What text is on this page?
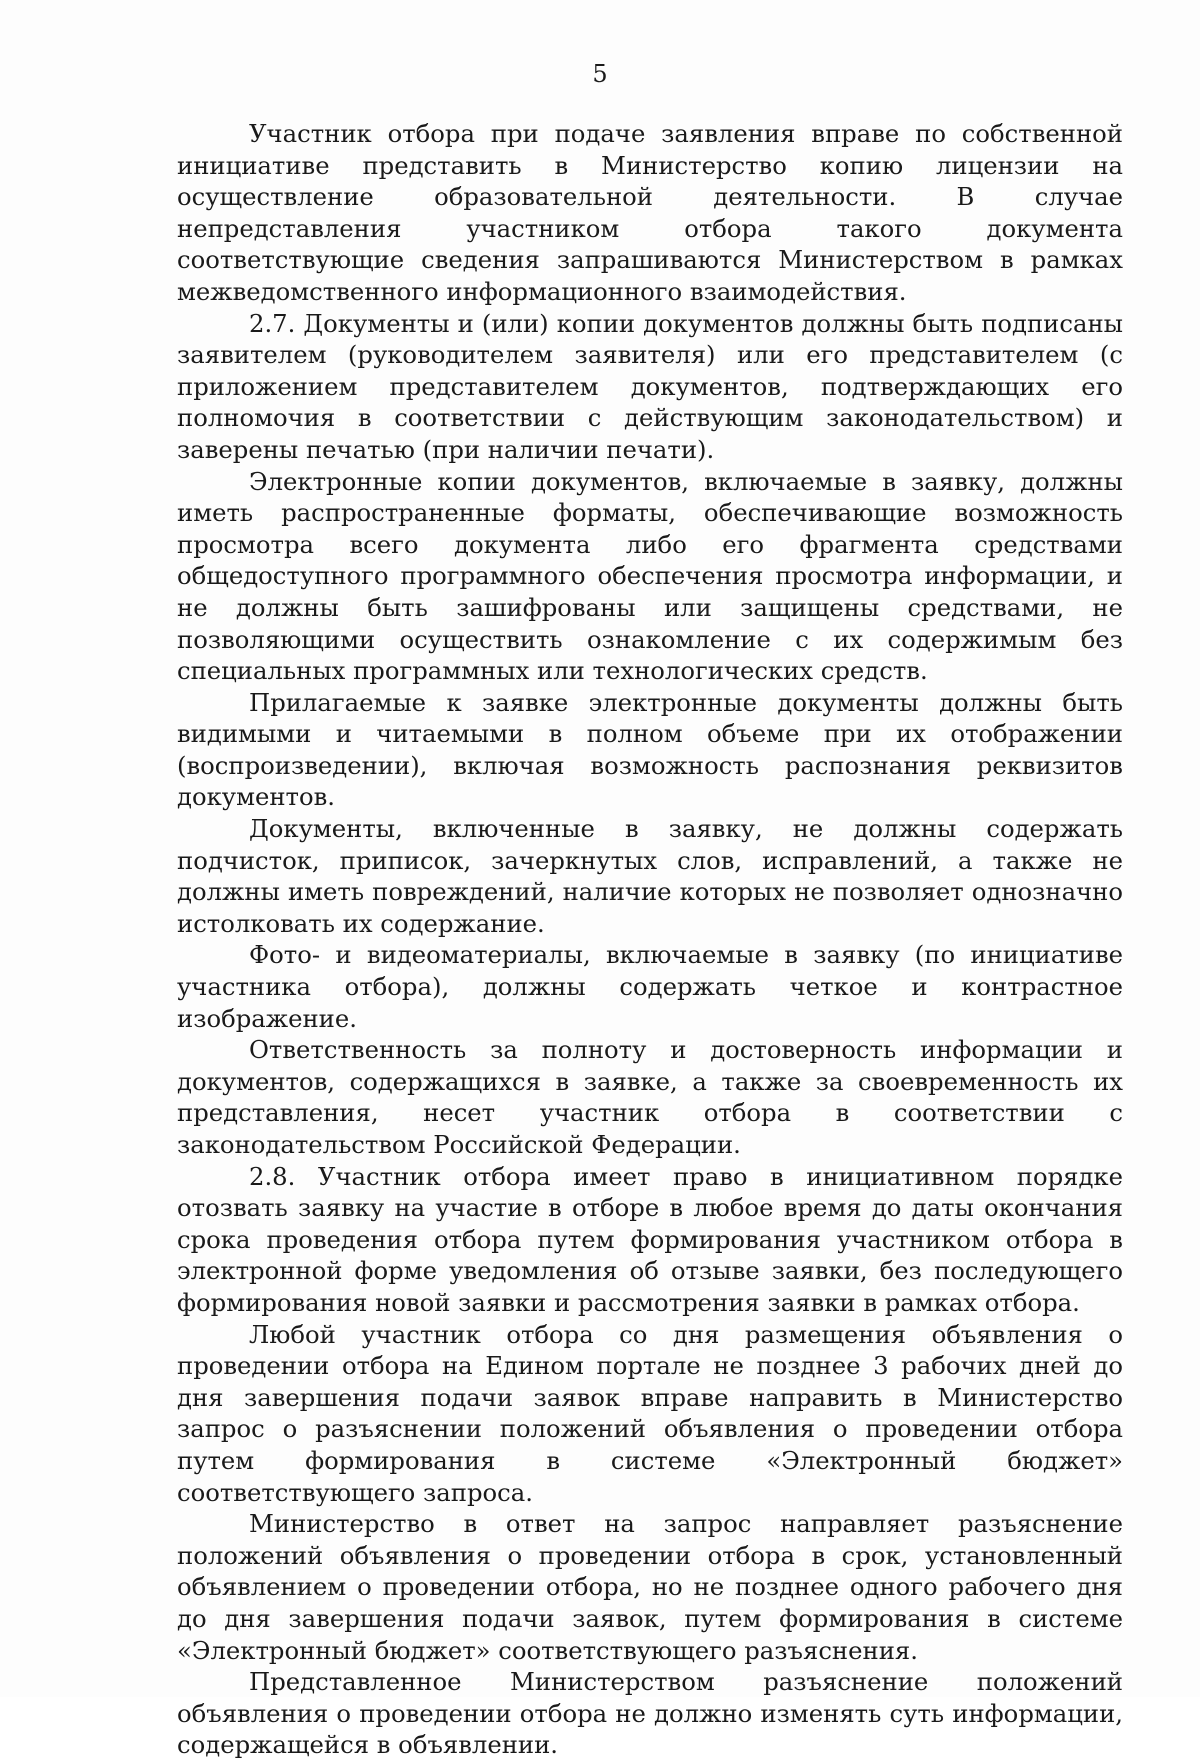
5

Участник отбора при подаче заявления вправе по собственной инициативе представить в Министерство копию лицензии на осуществление образовательной деятельности. В случае непредставления участником отбора такого документа соответствующие сведения запрашиваются Министерством в рамках межведомственного информационного взаимодействия.

2.7. Документы и (или) копии документов должны быть подписаны заявителем (руководителем заявителя) или его представителем (с приложением представителем документов, подтверждающих его полномочия в соответствии с действующим законодательством) и заверены печатью (при наличии печати).

Электронные копии документов, включаемые в заявку, должны иметь распространенные форматы, обеспечивающие возможность просмотра всего документа либо его фрагмента средствами общедоступного программного обеспечения просмотра информации, и не должны быть зашифрованы или защищены средствами, не позволяющими осуществить ознакомление с их содержимым без специальных программных или технологических средств.

Прилагаемые к заявке электронные документы должны быть видимыми и читаемыми в полном объеме при их отображении (воспроизведении), включая возможность распознания реквизитов документов.

Документы, включенные в заявку, не должны содержать подчисток, приписок, зачеркнутых слов, исправлений, а также не должны иметь повреждений, наличие которых не позволяет однозначно истолковать их содержание.

Фото- и видеоматериалы, включаемые в заявку (по инициативе участника отбора), должны содержать четкое и контрастное изображение.

Ответственность за полноту и достоверность информации и документов, содержащихся в заявке, а также за своевременность их представления, несет участник отбора в соответствии с законодательством Российской Федерации.

2.8. Участник отбора имеет право в инициативном порядке отозвать заявку на участие в отборе в любое время до даты окончания срока проведения отбора путем формирования участником отбора в электронной форме уведомления об отзыве заявки, без последующего формирования новой заявки и рассмотрения заявки в рамках отбора.

Любой участник отбора со дня размещения объявления о проведении отбора на Едином портале не позднее 3 рабочих дней до дня завершения подачи заявок вправе направить в Министерство запрос о разъяснении положений объявления о проведении отбора путем формирования в системе «Электронный бюджет» соответствующего запроса.

Министерство в ответ на запрос направляет разъяснение положений объявления о проведении отбора в срок, установленный объявлением о проведении отбора, но не позднее одного рабочего дня до дня завершения подачи заявок, путем формирования в системе «Электронный бюджет» соответствующего разъяснения.

Представленное Министерством разъяснение положений объявления о проведении отбора не должно изменять суть информации, содержащейся в объявлении.
